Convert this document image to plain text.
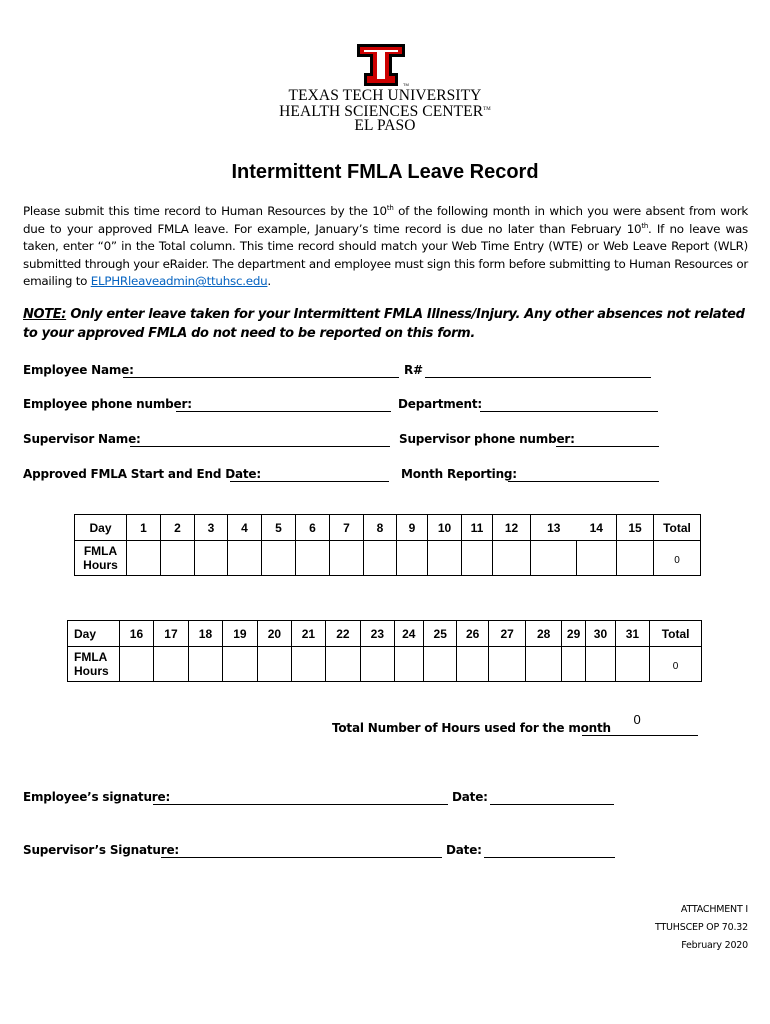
TM
TEXAS TECH UNIVERSITY
HEALTH SCIENCES CENTER™
EL PASO
Intermittent FMLA Leave Record
Please submit this time record to Human Resources by the 10th of the following month in which you were absent from work due to your approved FMLA leave. For example, January’s time record is due no later than February 10th. If no leave was taken, enter “0” in the Total column. This time record should match your Web Time Entry (WTE) or Web Leave Report (WLR) submitted through your eRaider. The department and employee must sign this form before submitting to Human Resources or emailing to ELPHRleaveadmin@ttuhsc.edu.
NOTE: Only enter leave taken for your Intermittent FMLA Illness/Injury. Any other absences not related to your approved FMLA do not need to be reported on this form.
Employee Name:	R#
Employee phone number:	Department:
Supervisor Name:	Supervisor phone number:
Approved FMLA Start and End Date:	Month Reporting:
Day	1	2	3	4	5	6	7	8	9	10	11	12	13	14	15	Total
FMLA
Hours																0
Day	16	17	18	19	20	21	22	23	24	25	26	27	28	29	30	31	Total
FMLA
Hours																	0
Total Number of Hours used for the month
0
Employee’s signature:	Date:
Supervisor’s Signature:	Date:
ATTACHMENT I
TTUHSCEP OP 70.32
February 2020
